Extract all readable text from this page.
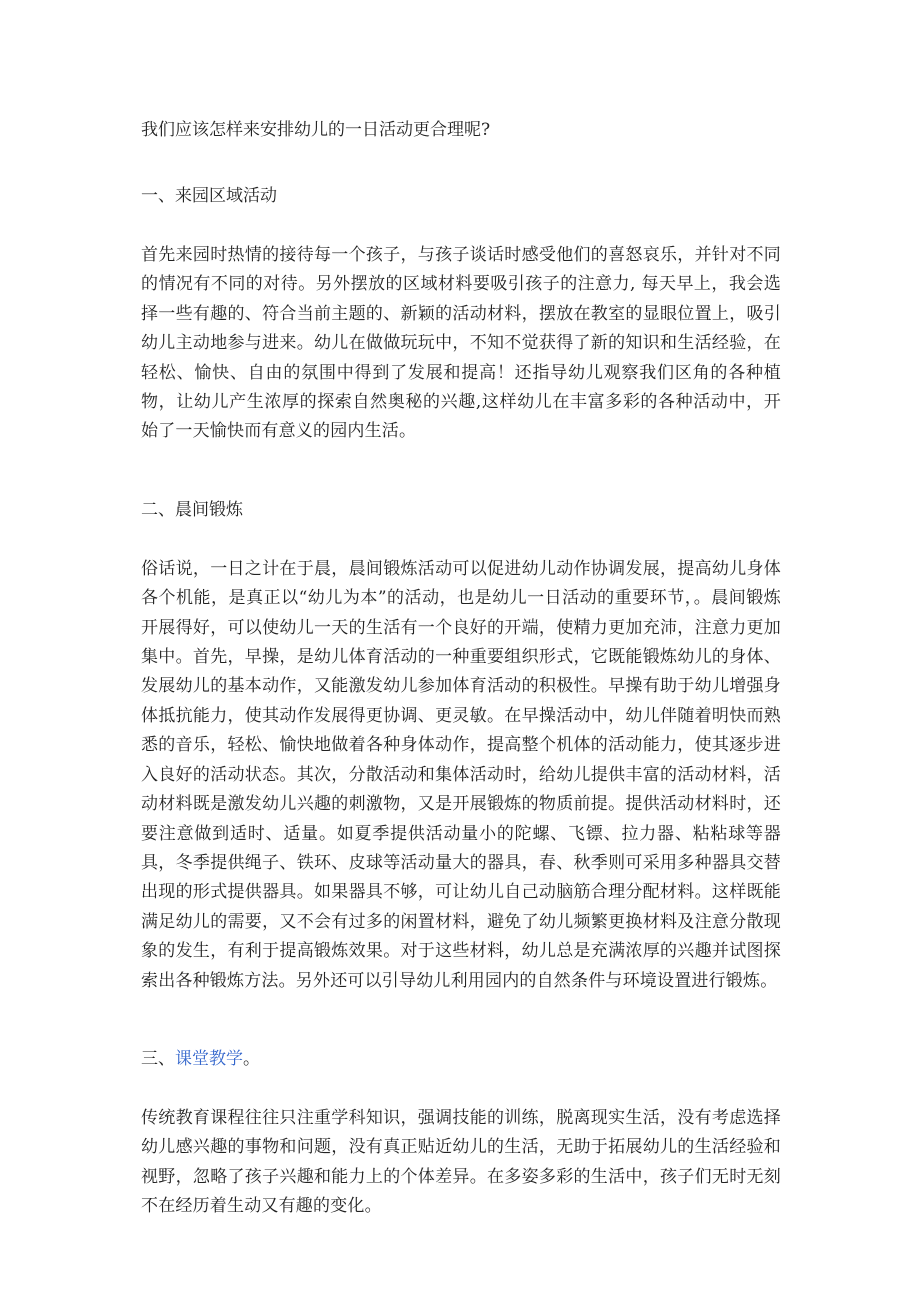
我们应该怎样来安排幼儿的一日活动更合理呢?

一、来园区域活动

首先来园时热情的接待每一个孩子，与孩子谈话时感受他们的喜怒哀乐，并针对不同的情况有不同的对待。另外摆放的区域材料要吸引孩子的注意力, 每天早上，我会选择一些有趣的、符合当前主题的、新颖的活动材料，摆放在教室的显眼位置上，吸引幼儿主动地参与进来。幼儿在做做玩玩中，不知不觉获得了新的知识和生活经验，在轻松、愉快、自由的氛围中得到了发展和提高！还指导幼儿观察我们区角的各种植物，让幼儿产生浓厚的探索自然奥秘的兴趣,这样幼儿在丰富多彩的各种活动中，开始了一天愉快而有意义的园内生活。

二、晨间锻炼

俗话说，一日之计在于晨，晨间锻炼活动可以促进幼儿动作协调发展，提高幼儿身体各个机能，是真正以“幼儿为本”的活动，也是幼儿一日活动的重要环节，。晨间锻炼开展得好，可以使幼儿一天的生活有一个良好的开端，使精力更加充沛，注意力更加集中。首先，早操，是幼儿体育活动的一种重要组织形式，它既能锻炼幼儿的身体、发展幼儿的基本动作，又能激发幼儿参加体育活动的积极性。早操有助于幼儿增强身体抵抗能力，使其动作发展得更协调、更灵敏。在早操活动中，幼儿伴随着明快而熟悉的音乐，轻松、愉快地做着各种身体动作，提高整个机体的活动能力，使其逐步进入良好的活动状态。其次，分散活动和集体活动时，给幼儿提供丰富的活动材料，活动材料既是激发幼儿兴趣的刺激物，又是开展锻炼的物质前提。提供活动材料时，还要注意做到适时、适量。如夏季提供活动量小的陀螺、飞镖、拉力器、粘粘球等器具，冬季提供绳子、铁环、皮球等活动量大的器具，春、秋季则可采用多种器具交替出现的形式提供器具。如果器具不够，可让幼儿自己动脑筋合理分配材料。这样既能满足幼儿的需要，又不会有过多的闲置材料，避免了幼儿频繁更换材料及注意分散现象的发生，有利于提高锻炼效果。对于这些材料，幼儿总是充满浓厚的兴趣并试图探索出各种锻炼方法。另外还可以引导幼儿利用园内的自然条件与环境设置进行锻炼。

三、课堂教学。

传统教育课程往往只注重学科知识，强调技能的训练，脱离现实生活，没有考虑选择幼儿感兴趣的事物和问题，没有真正贴近幼儿的生活，无助于拓展幼儿的生活经验和视野，忽略了孩子兴趣和能力上的个体差异。在多姿多彩的生活中，孩子们无时无刻不在经历着生动又有趣的变化。
